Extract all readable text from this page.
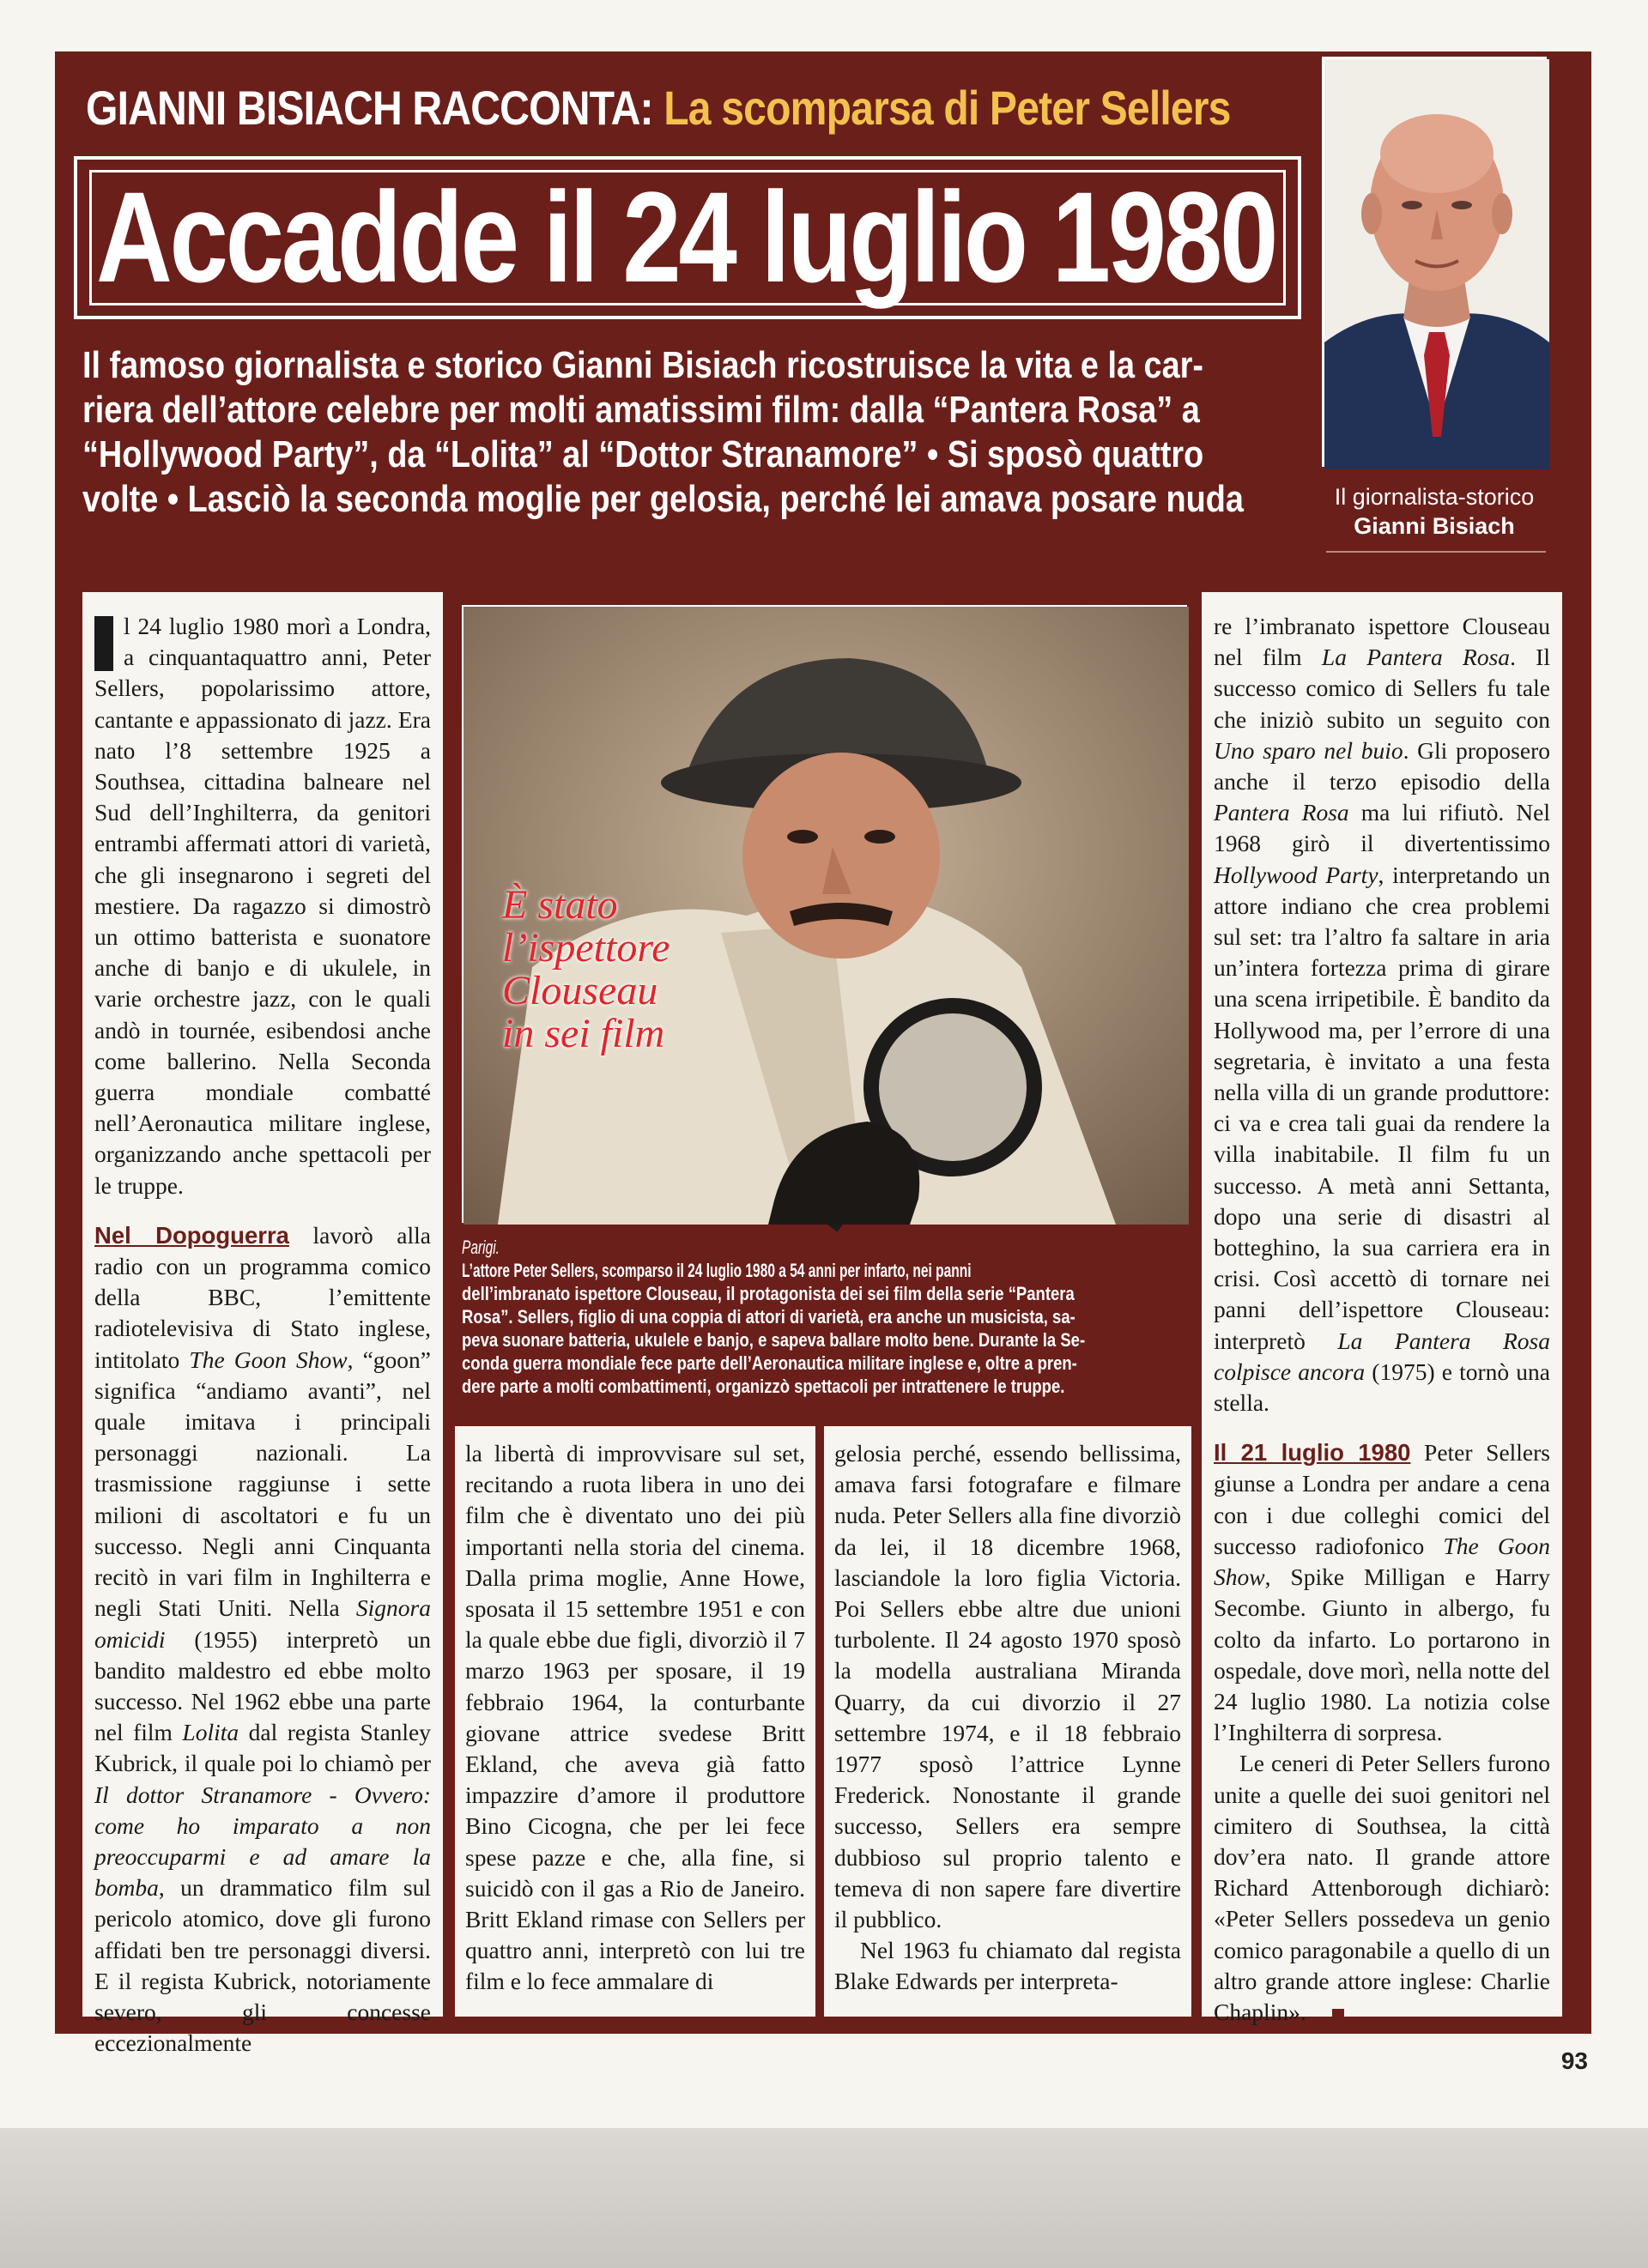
GIANNI BISIACH RACCONTA: La scomparsa di Peter Sellers
Accadde il 24 luglio 1980
Il famoso giornalista e storico Gianni Bisiach ricostruisce la vita e la car-
riera dell’attore celebre per molti amatissimi film: dalla “Pantera Rosa” a
“Hollywood Party”, da “Lolita” al “Dottor Stranamore” • Si sposò quattro
volte • Lasciò la seconda moglie per gelosia, perché lei amava posare nuda	Il giornalista-storico
Gianni Bisiach

l 24 luglio 1980 morì a Londra, a cinquantaquattro anni, Peter Sellers, popolarissimo attore, cantante e appassionato di jazz. Era nato l’8 settembre 1925 a Southsea, cittadina balneare nel Sud dell’Inghilterra, da genitori entrambi affermati attori di varietà, che gli insegnarono i segreti del mestiere. Da ragazzo si dimostrò un ottimo batterista e suonatore anche di banjo e di ukulele, in varie orchestre jazz, con le quali andò in tournée, esibendosi anche come ballerino. Nella Seconda guerra mondiale combatté nell’Aeronautica militare inglese, organizzando anche spettacoli per le truppe.

Nel Dopoguerra lavorò alla radio con un programma comico della BBC, l’emittente radiotelevisiva di Stato inglese, intitolato The Goon Show, “goon” significa “andiamo avanti”, nel quale imitava i principali personaggi nazionali. La trasmissione raggiunse i sette milioni di ascoltatori e fu un successo. Negli anni Cinquanta recitò in vari film in Inghilterra e negli Stati Uniti. Nella Signora omicidi (1955) interpretò un bandito maldestro ed ebbe molto successo. Nel 1962 ebbe una parte nel film Lolita dal regista Stanley Kubrick, il quale poi lo chiamò per Il dottor Stranamore - Ovvero: come ho imparato a non preoccuparmi e ad amare la bomba, un drammatico film sul pericolo atomico, dove gli furono affidati ben tre personaggi diversi. E il regista Kubrick, notoriamente severo, gli concesse eccezionalmente

È stato
l’ispettore
Clouseau
in sei film
Parigi.
L’attore Peter Sellers, scomparso il 24 luglio 1980 a 54 anni per infarto, nei panni
dell’imbranato ispettore Clouseau, il protagonista dei sei film della serie “Pantera
Rosa”. Sellers, figlio di una coppia di attori di varietà, era anche un musicista, sa-
peva suonare batteria, ukulele e banjo, e sapeva ballare molto bene. Durante la Se-
conda guerra mondiale fece parte dell’Aeronautica militare inglese e, oltre a pren-
dere parte a molti combattimenti, organizzò spettacoli per intrattenere le truppe.

la libertà di improvvisare sul set, recitando a ruota libera in uno dei film che è diventato uno dei più importanti nella storia del cinema. Dalla prima moglie, Anne Howe, sposata il 15 settembre 1951 e con la quale ebbe due figli, divorziò il 7 marzo 1963 per sposare, il 19 febbraio 1964, la conturbante giovane attrice svedese Britt Ekland, che aveva già fatto impazzire d’amore il produttore Bino Cicogna, che per lei fece spese pazze e che, alla fine, si suicidò con il gas a Rio de Janeiro. Britt Ekland rimase con Sellers per quattro anni, interpretò con lui tre film e lo fece ammalare di

gelosia perché, essendo bellissima, amava farsi fotografare e filmare nuda. Peter Sellers alla fine divorziò da lei, il 18 dicembre 1968, lasciandole la loro figlia Victoria. Poi Sellers ebbe altre due unioni turbolente. Il 24 agosto 1970 sposò la modella australiana Miranda Quarry, da cui divorzio il 27 settembre 1974, e il 18 febbraio 1977 sposò l’attrice Lynne Frederick. Nonostante il grande successo, Sellers era sempre dubbioso sul proprio talento e temeva di non sapere fare divertire il pubblico.

Nel 1963 fu chiamato dal regista Blake Edwards per interpreta-

re l’imbranato ispettore Clouseau nel film La Pantera Rosa. Il successo comico di Sellers fu tale che iniziò subito un seguito con Uno sparo nel buio. Gli proposero anche il terzo episodio della Pantera Rosa ma lui rifiutò. Nel 1968 girò il divertentissimo Hollywood Party, interpretando un attore indiano che crea problemi sul set: tra l’altro fa saltare in aria un’intera fortezza prima di girare una scena irripetibile. È bandito da Hollywood ma, per l’errore di una segretaria, è invitato a una festa nella villa di un grande produttore: ci va e crea tali guai da rendere la villa inabitabile. Il film fu un successo. A metà anni Settanta, dopo una serie di disastri al botteghino, la sua carriera era in crisi. Così accettò di tornare nei panni dell’ispettore Clouseau: interpretò La Pantera Rosa colpisce ancora (1975) e tornò una stella.

Il 21 luglio 1980 Peter Sellers giunse a Londra per andare a cena con i due colleghi comici del successo radiofonico The Goon Show, Spike Milligan e Harry Secombe. Giunto in albergo, fu colto da infarto. Lo portarono in ospedale, dove morì, nella notte del 24 luglio 1980. La notizia colse l’Inghilterra di sorpresa.

Le ceneri di Peter Sellers furono unite a quelle dei suoi genitori nel cimitero di Southsea, la città dov’era nato. Il grande attore Richard Attenborough dichiarò: «Peter Sellers possedeva un genio comico paragonabile a quello di un altro grande attore inglese: Charlie Chaplin».

93
